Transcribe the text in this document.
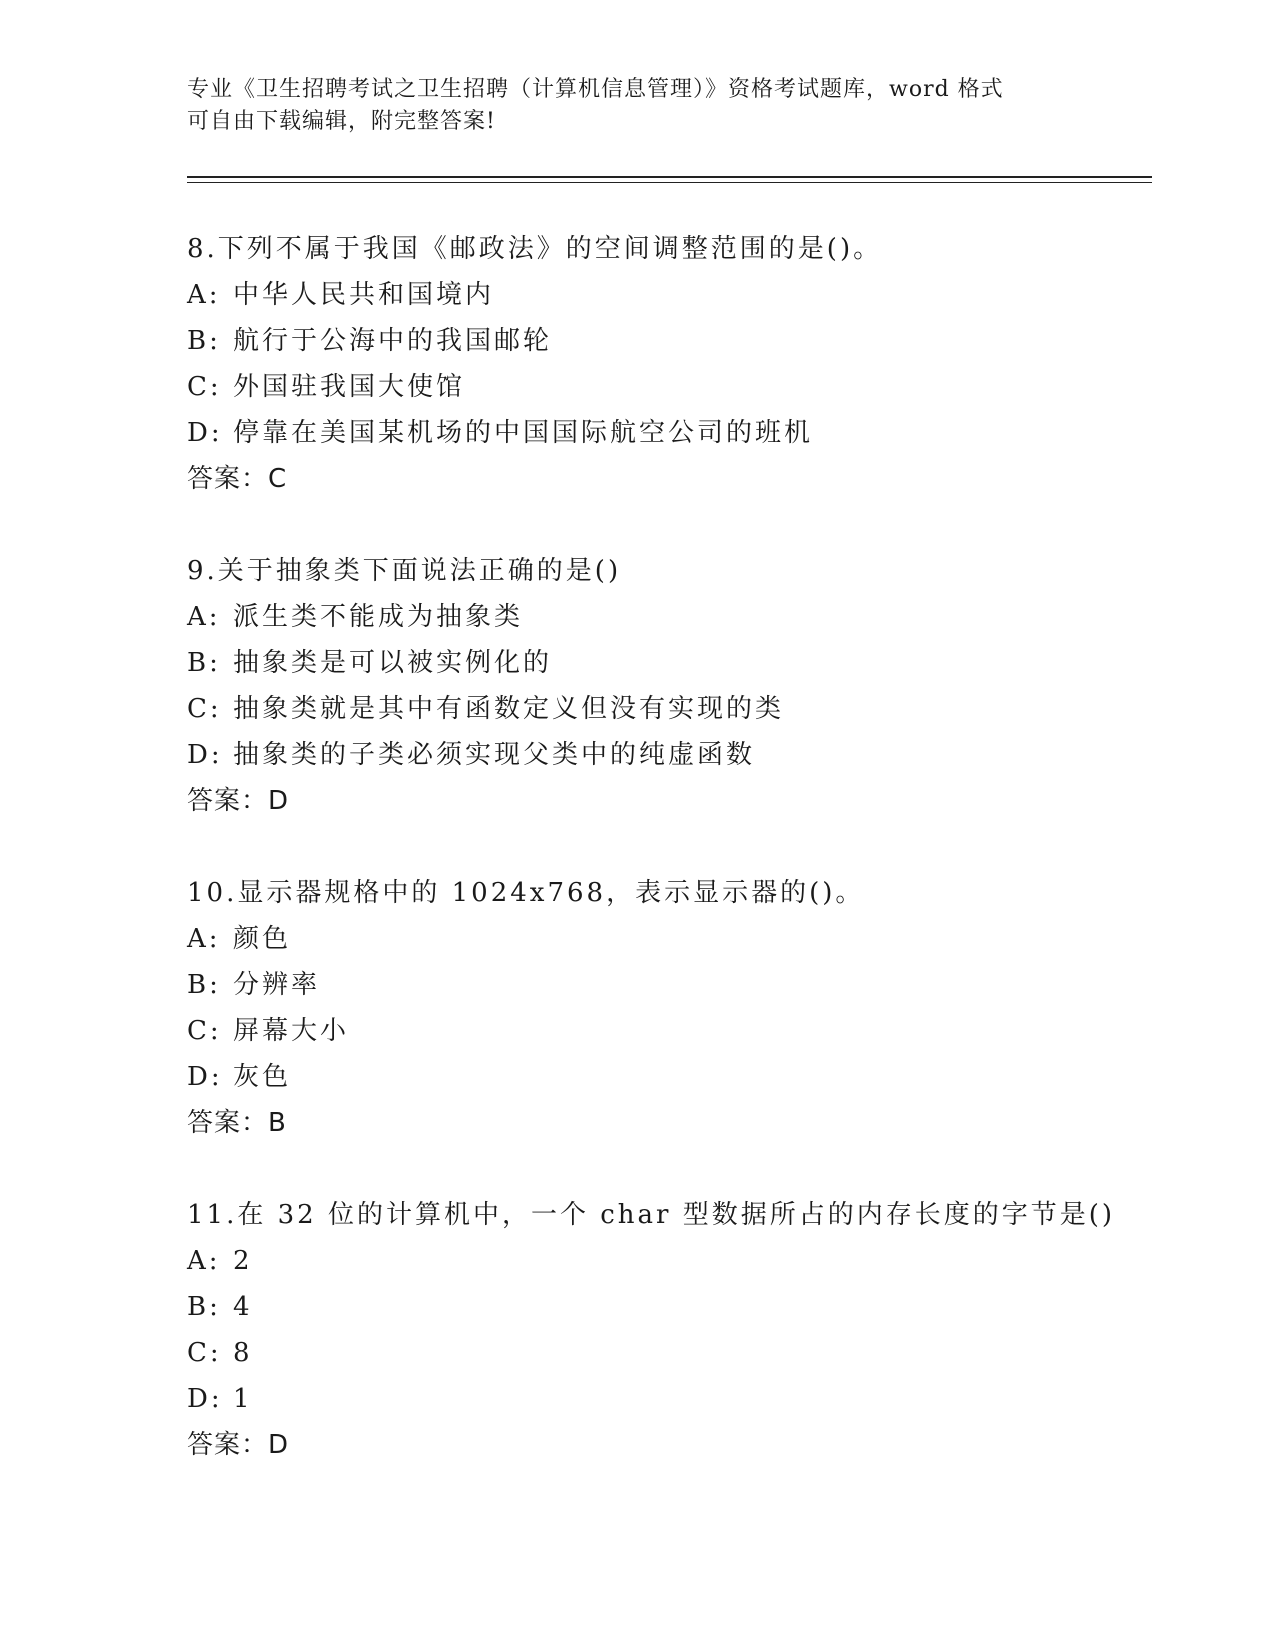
专业《卫生招聘考试之卫生招聘（计算机信息管理）》资格考试题库，word 格式
可自由下载编辑，附完整答案!
8.下列不属于我国《邮政法》的空间调整范围的是()。
A: 中华人民共和国境内
B: 航行于公海中的我国邮轮
C: 外国驻我国大使馆
D: 停靠在美国某机场的中国国际航空公司的班机
答案：C
9.关于抽象类下面说法正确的是()
A: 派生类不能成为抽象类
B: 抽象类是可以被实例化的
C: 抽象类就是其中有函数定义但没有实现的类
D: 抽象类的子类必须实现父类中的纯虚函数
答案：D
10.显示器规格中的 1024x768，表示显示器的()。
A: 颜色
B: 分辨率
C: 屏幕大小
D: 灰色
答案：B
11.在 32 位的计算机中，一个 char 型数据所占的内存长度的字节是()
A: 2
B: 4
C: 8
D: 1
答案：D
